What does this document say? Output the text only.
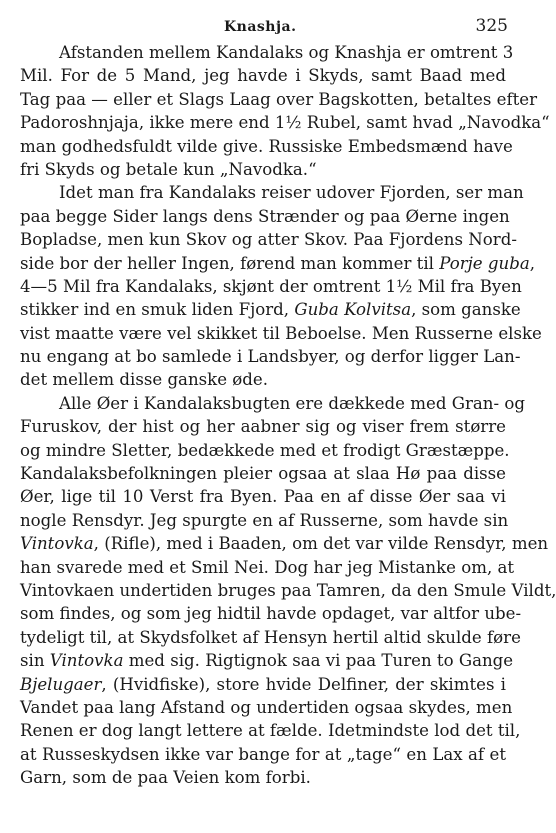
Knashja.	325
Afstanden mellem Kandalaks og Knashja er omtrent 3
Mil. For de 5 Mand, jeg havde i Skyds, samt Baad med
Tag paa — eller et Slags Laag over Bagskotten, betaltes efter
Padoroshnjaja, ikke mere end 1½ Rubel, samt hvad „Navodka“
man godhedsfuldt vilde give. Russiske Embedsmænd have
fri Skyds og betale kun „Navodka.“
Idet man fra Kandalaks reiser udover Fjorden, ser man
paa begge Sider langs dens Strænder og paa Øerne ingen
Bopladse, men kun Skov og atter Skov. Paa Fjordens Nord-
side bor der heller Ingen, førend man kommer til Porje guba,
4—5 Mil fra Kandalaks, skjønt der omtrent 1½ Mil fra Byen
stikker ind en smuk liden Fjord, Guba Kolvitsa, som ganske
vist maatte være vel skikket til Beboelse. Men Russerne elske
nu engang at bo samlede i Landsbyer, og derfor ligger Lan-
det mellem disse ganske øde.
Alle Øer i Kandalaksbugten ere dækkede med Gran- og
Furuskov, der hist og her aabner sig og viser frem større
og mindre Sletter, bedækkede med et frodigt Græstæppe.
Kandalaksbefolkningen pleier ogsaa at slaa Hø paa disse
Øer, lige til 10 Verst fra Byen. Paa en af disse Øer saa vi
nogle Rensdyr. Jeg spurgte en af Russerne, som havde sin
Vintovka, (Rifle), med i Baaden, om det var vilde Rensdyr, men
han svarede med et Smil Nei. Dog har jeg Mistanke om, at
Vintovkaen undertiden bruges paa Tamren, da den Smule Vildt,
som findes, og som jeg hidtil havde opdaget, var altfor ube-
tydeligt til, at Skydsfolket af Hensyn hertil altid skulde føre
sin Vintovka med sig. Rigtignok saa vi paa Turen to Gange
Bjelugaer, (Hvidfiske), store hvide Delfiner, der skimtes i
Vandet paa lang Afstand og undertiden ogsaa skydes, men
Renen er dog langt lettere at fælde. Idetmindste lod det til,
at Russeskydsen ikke var bange for at „tage“ en Lax af et
Garn, som de paa Veien kom forbi.
